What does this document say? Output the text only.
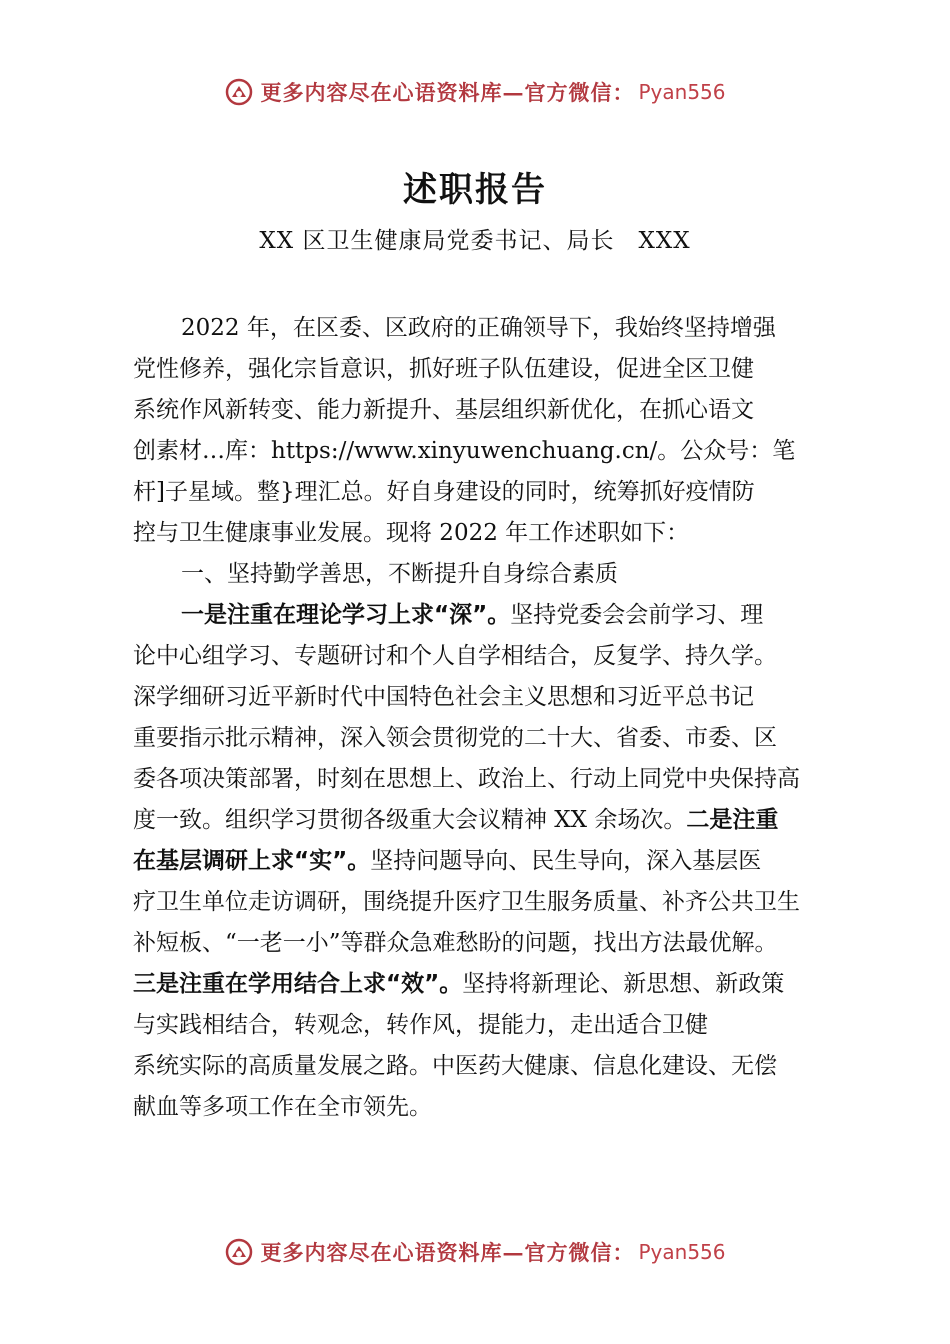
更多内容尽在心语资料库—官方微信： Pyan556
述职报告
XX 区卫生健康局党委书记、局长　XXX

2022 年，在区委、区政府的正确领导下，我始终坚持增强

党性修养，强化宗旨意识，抓好班子队伍建设，促进全区卫健

系统作风新转变、能力新提升、基层组织新优化，在抓心语文

创素材…库：https://www.xinyuwenchuang.cn/。公众号：笔

杆]子星域。整}理汇总。好自身建设的同时，统筹抓好疫情防

控与卫生健康事业发展。现将 2022 年工作述职如下：

一、坚持勤学善思，不断提升自身综合素质

一是注重在理论学习上求“深”。坚持党委会会前学习、理

论中心组学习、专题研讨和个人自学相结合，反复学、持久学。

深学细研习近平新时代中国特色社会主义思想和习近平总书记

重要指示批示精神，深入领会贯彻党的二十大、省委、市委、区

委各项决策部署，时刻在思想上、政治上、行动上同党中央保持高

度一致。组织学习贯彻各级重大会议精神 XX 余场次。二是注重

在基层调研上求“实”。坚持问题导向、民生导向，深入基层医

疗卫生单位走访调研，围绕提升医疗卫生服务质量、补齐公共卫生

补短板、“一老一小”等群众急难愁盼的问题，找出方法最优解。

三是注重在学用结合上求“效”。坚持将新理论、新思想、新政策

与实践相结合，转观念，转作风，提能力，走出适合卫健

系统实际的高质量发展之路。中医药大健康、信息化建设、无偿

献血等多项工作在全市领先。

更多内容尽在心语资料库—官方微信： Pyan556
